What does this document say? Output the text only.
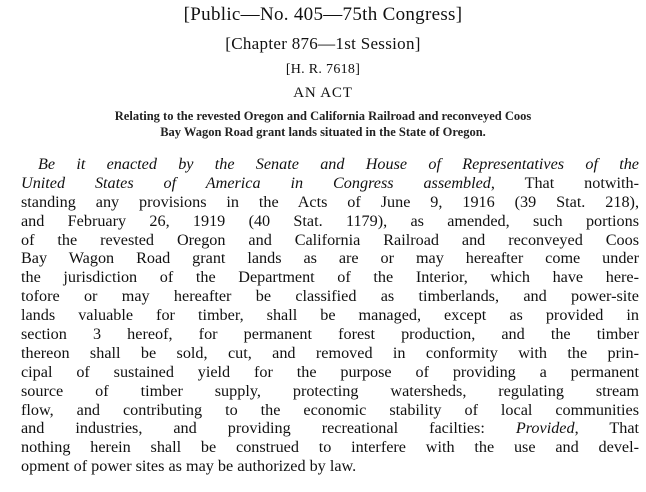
[Public—No. 405—75th Congress]
[Chapter 876—1st Session]
[H. R. 7618]
AN ACT
Relating to the revested Oregon and California Railroad and reconveyed Coos
Bay Wagon Road grant lands situated in the State of Oregon.
Be it enacted by the Senate and House of Representatives of the
United States of America in Congress assembled, That notwith-
standing any provisions in the Acts of June 9, 1916 (39 Stat. 218),
and February 26, 1919 (40 Stat. 1179), as amended, such portions
of the revested Oregon and California Railroad and reconveyed Coos
Bay Wagon Road grant lands as are or may hereafter come under
the jurisdiction of the Department of the Interior, which have here-
tofore or may hereafter be classified as timberlands, and power-site
lands valuable for timber, shall be managed, except as provided in
section 3 hereof, for permanent forest production, and the timber
thereon shall be sold, cut, and removed in conformity with the prin-
cipal of sustained yield for the purpose of providing a permanent
source of timber supply, protecting watersheds, regulating stream
flow, and contributing to the economic stability of local communities
and industries, and providing recreational facilties: Provided, That
nothing herein shall be construed to interfere with the use and devel-
opment of power sites as may be authorized by law.
